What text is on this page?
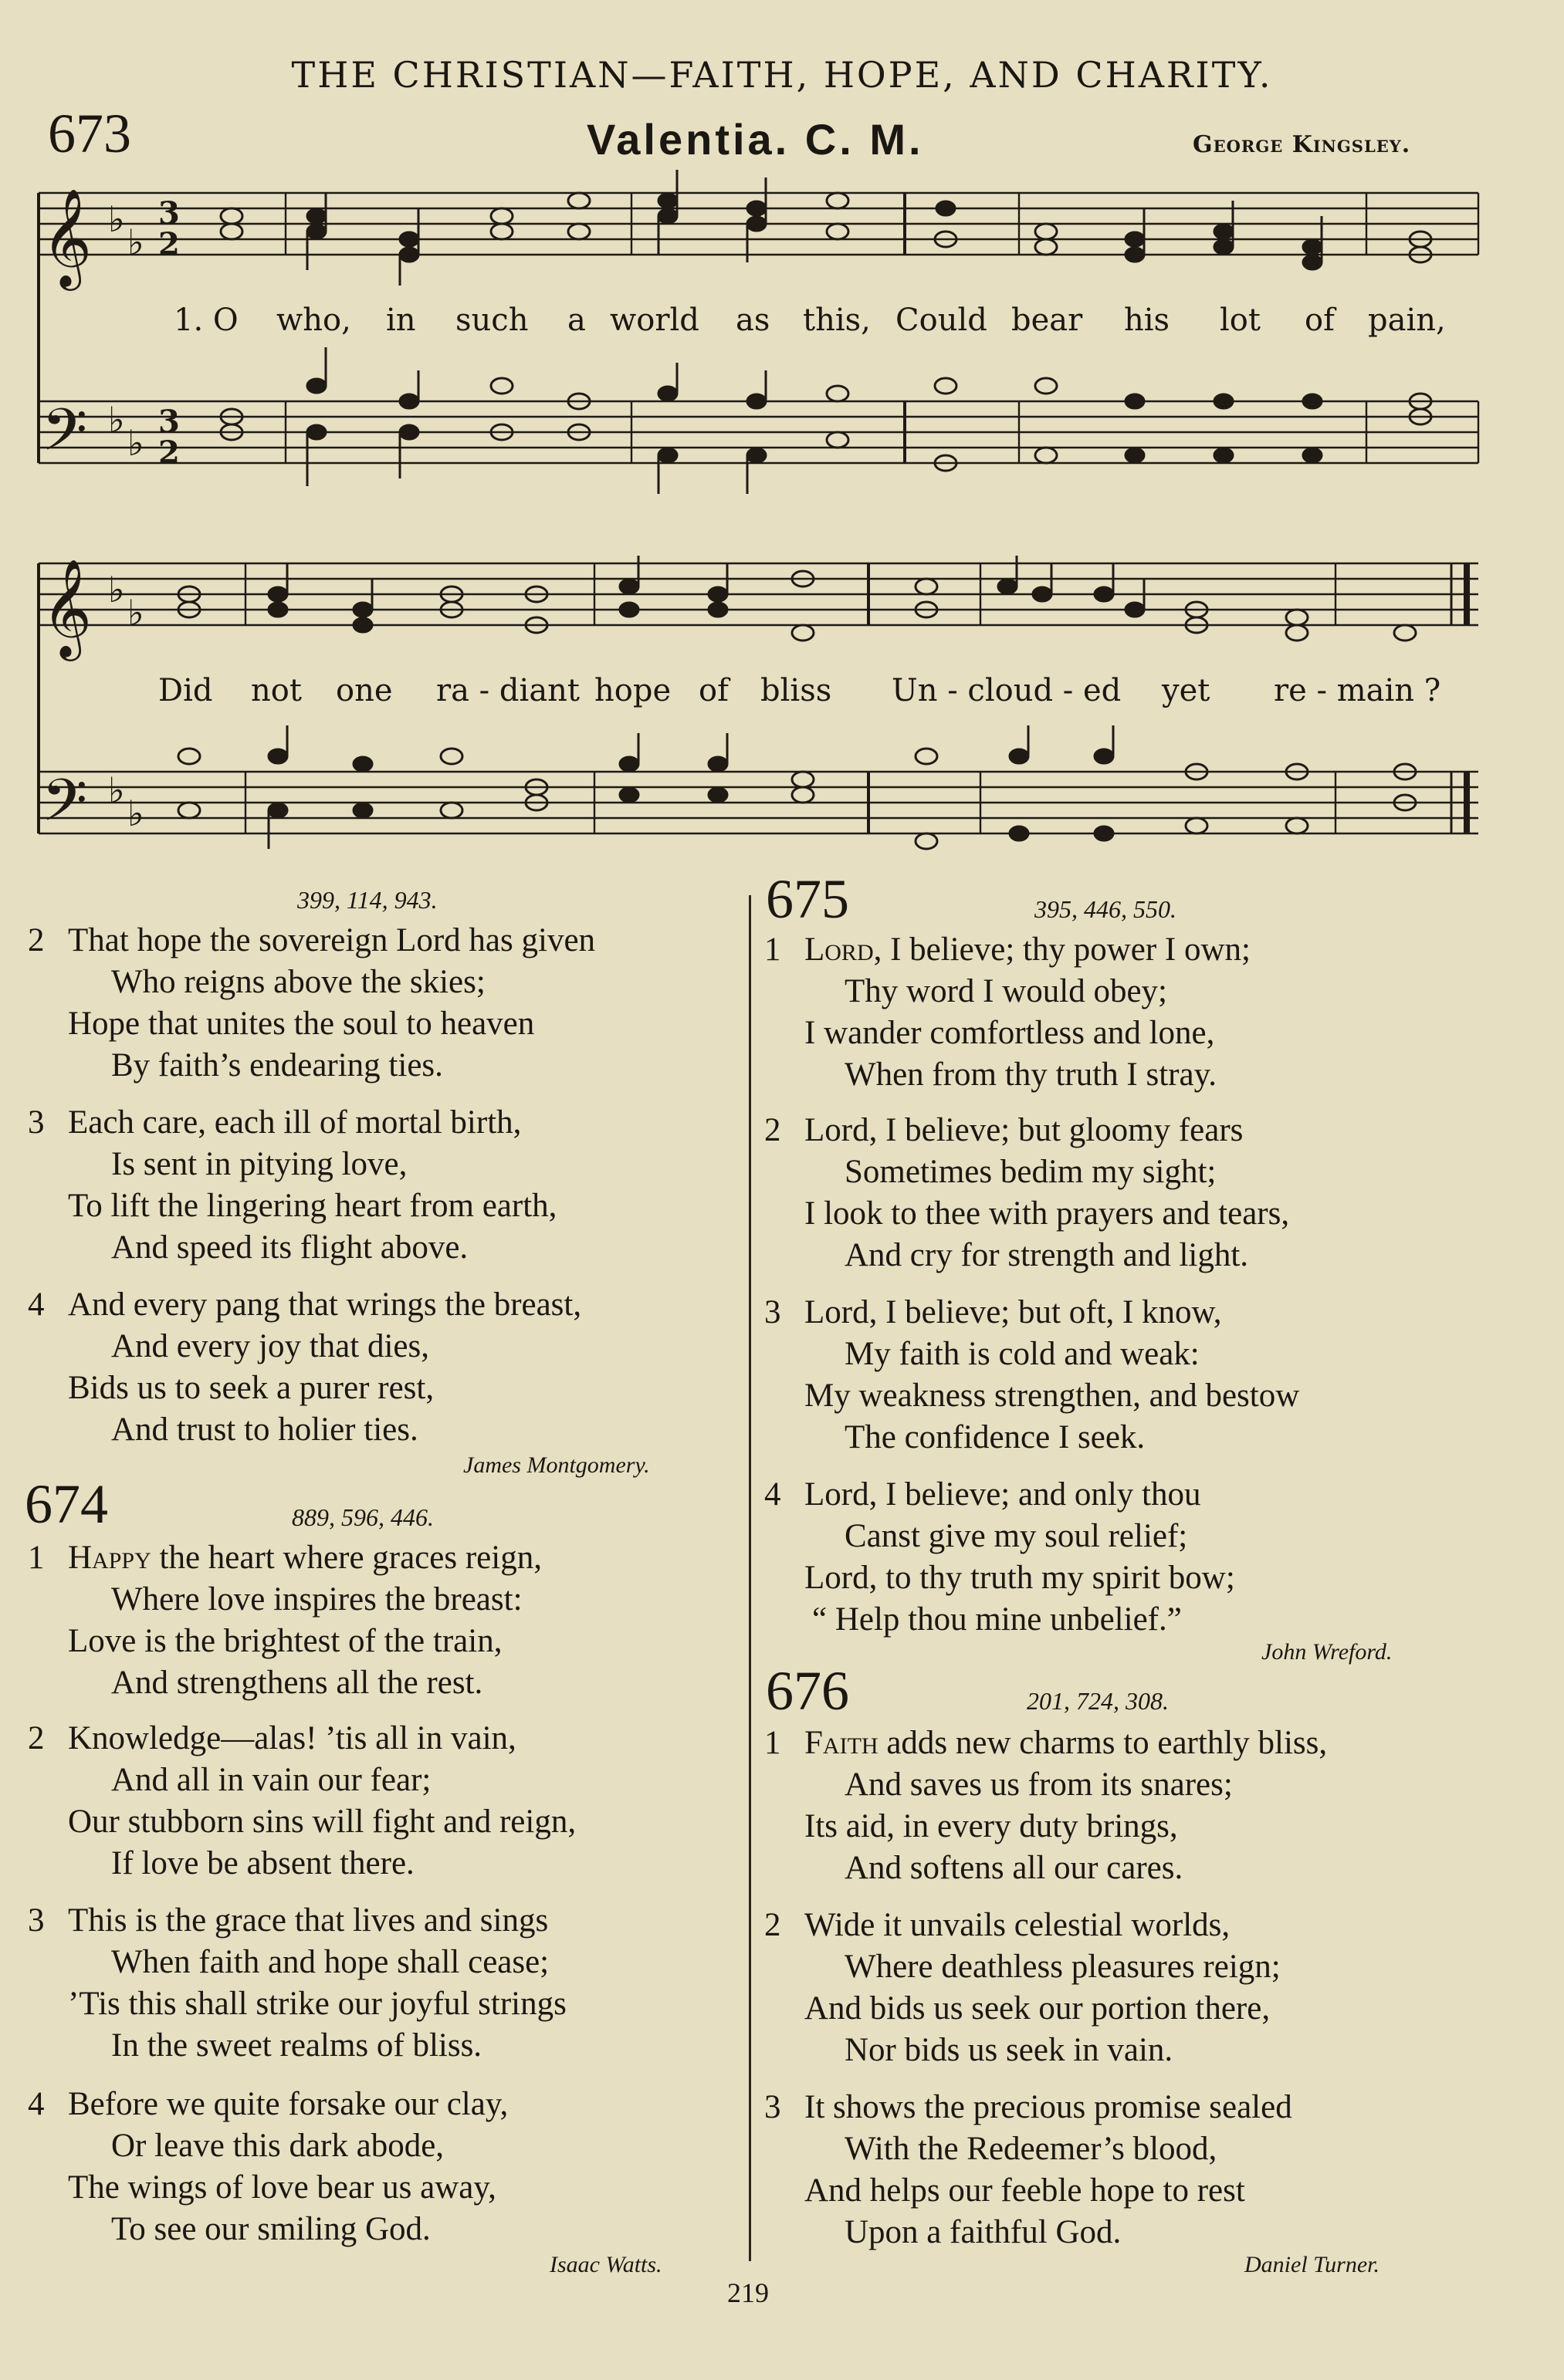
THE CHRISTIAN—FAITH, HOPE, AND CHARITY.
673	Valentia. C. M.	George Kingsley.
𝄞
𝄢
𝄞
𝄢
♭
♭
♭
♭
♭
♭
♭
♭
3
2
3
2
1. O who, in such a world as this, Could bear his lot of pain,
Did not one ra - diant hope of bliss Un - cloud - ed yet re - main ?
399, 114, 943.
2 That hope the sovereign Lord has given
Who reigns above the skies;
Hope that unites the soul to heaven
By faith’s endearing ties.
3 Each care, each ill of mortal birth,
Is sent in pitying love,
To lift the lingering heart from earth,
And speed its flight above.
4 And every pang that wrings the breast,
And every joy that dies,
Bids us to seek a purer rest,
And trust to holier ties.
James Montgomery.
674	889, 596, 446.
1 Happy the heart where graces reign,
Where love inspires the breast:
Love is the brightest of the train,
And strengthens all the rest.
2 Knowledge—alas! ’tis all in vain,
And all in vain our fear;
Our stubborn sins will fight and reign,
If love be absent there.
3 This is the grace that lives and sings
When faith and hope shall cease;
’Tis this shall strike our joyful strings
In the sweet realms of bliss.
4 Before we quite forsake our clay,
Or leave this dark abode,
The wings of love bear us away,
To see our smiling God.
Isaac Watts.
675	395, 446, 550.
1 Lord, I believe; thy power I own;
Thy word I would obey;
I wander comfortless and lone,
When from thy truth I stray.
2 Lord, I believe; but gloomy fears
Sometimes bedim my sight;
I look to thee with prayers and tears,
And cry for strength and light.
3 Lord, I believe; but oft, I know,
My faith is cold and weak:
My weakness strengthen, and bestow
The confidence I seek.
4 Lord, I believe; and only thou
Canst give my soul relief;
Lord, to thy truth my spirit bow;
“ Help thou mine unbelief.”
John Wreford.
676	201, 724, 308.
1 Faith adds new charms to earthly bliss,
And saves us from its snares;
Its aid, in every duty brings,
And softens all our cares.
2 Wide it unvails celestial worlds,
Where deathless pleasures reign;
And bids us seek our portion there,
Nor bids us seek in vain.
3 It shows the precious promise sealed
With the Redeemer’s blood,
And helps our feeble hope to rest
Upon a faithful God.
Daniel Turner.
219
